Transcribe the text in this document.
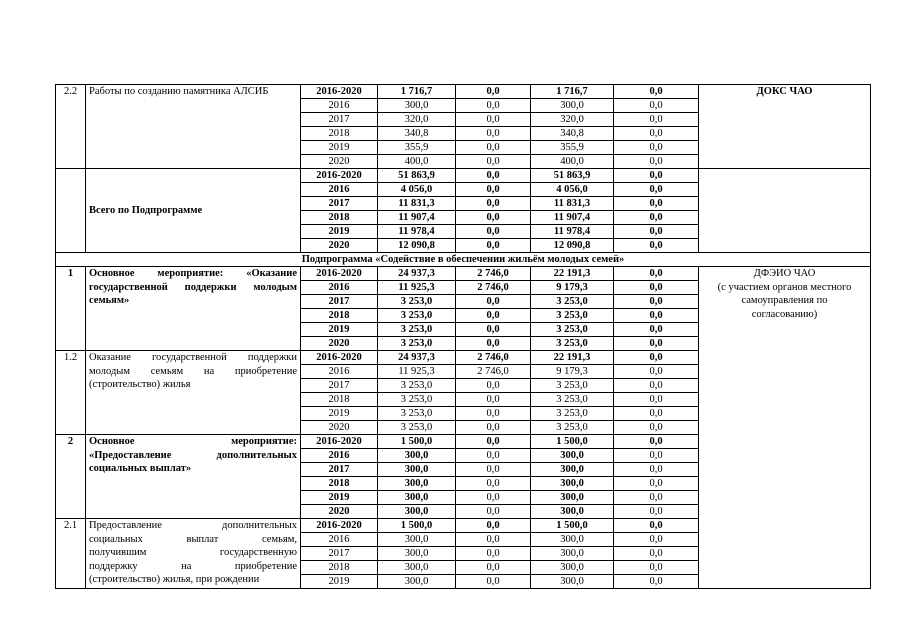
2.2	Работы по созданию памятника АЛСИБ	2016-2020	1 716,7	0,0	1 716,7	0,0	ДОКС ЧАО
		2016	300,0	0,0	300,0	0,0	
		2017	320,0	0,0	320,0	0,0	
		2018	340,8	0,0	340,8	0,0	
		2019	355,9	0,0	355,9	0,0	
		2020	400,0	0,0	400,0	0,0	
	Всего по Подпрограмме	2016-2020	51 863,9	0,0	51 863,9	0,0	
		2016	4 056,0	0,0	4 056,0	0,0	
		2017	11 831,3	0,0	11 831,3	0,0	
		2018	11 907,4	0,0	11 907,4	0,0	
		2019	11 978,4	0,0	11 978,4	0,0	
		2020	12 090,8	0,0	12 090,8	0,0	
Подпрограмма «Содействие в обеспечении жильём молодых семей»							
1	Основное мероприятие: «Оказание
государственной поддержки молодым
семьям»	2016-2020	24 937,3	2 746,0	22 191,3	0,0	ДФЭИО ЧАО
(с участием органов местного
самоуправления по
согласованию)

		2016	11 925,3	2 746,0	9 179,3	0,0	
		2017	3 253,0	0,0	3 253,0	0,0	
		2018	3 253,0	0,0	3 253,0	0,0	
		2019	3 253,0	0,0	3 253,0	0,0	
		2020	3 253,0	0,0	3 253,0	0,0	
1.2	Оказание государственной поддержки
молодым семьям на приобретение
(строительство) жилья	2016-2020	24 937,3	2 746,0	22 191,3	0,0	
		2016	11 925,3	2 746,0	9 179,3	0,0	
		2017	3 253,0	0,0	3 253,0	0,0	
		2018	3 253,0	0,0	3 253,0	0,0	
		2019	3 253,0	0,0	3 253,0	0,0	
		2020	3 253,0	0,0	3 253,0	0,0	
2	Основное мероприятие:
«Предоставление дополнительных
социальных выплат»	2016-2020	1 500,0	0,0	1 500,0	0,0	
		2016	300,0	0,0	300,0	0,0	
		2017	300,0	0,0	300,0	0,0	
		2018	300,0	0,0	300,0	0,0	
		2019	300,0	0,0	300,0	0,0	
		2020	300,0	0,0	300,0	0,0	
2.1	Предоставление дополнительных
социальных выплат семьям,
получившим государственную
поддержку на приобретение
(строительство) жилья, при рождении	2016-2020	1 500,0	0,0	1 500,0	0,0	
		2016	300,0	0,0	300,0	0,0	
		2017	300,0	0,0	300,0	0,0	
		2018	300,0	0,0	300,0	0,0	
		2019	300,0	0,0	300,0	0,0	
